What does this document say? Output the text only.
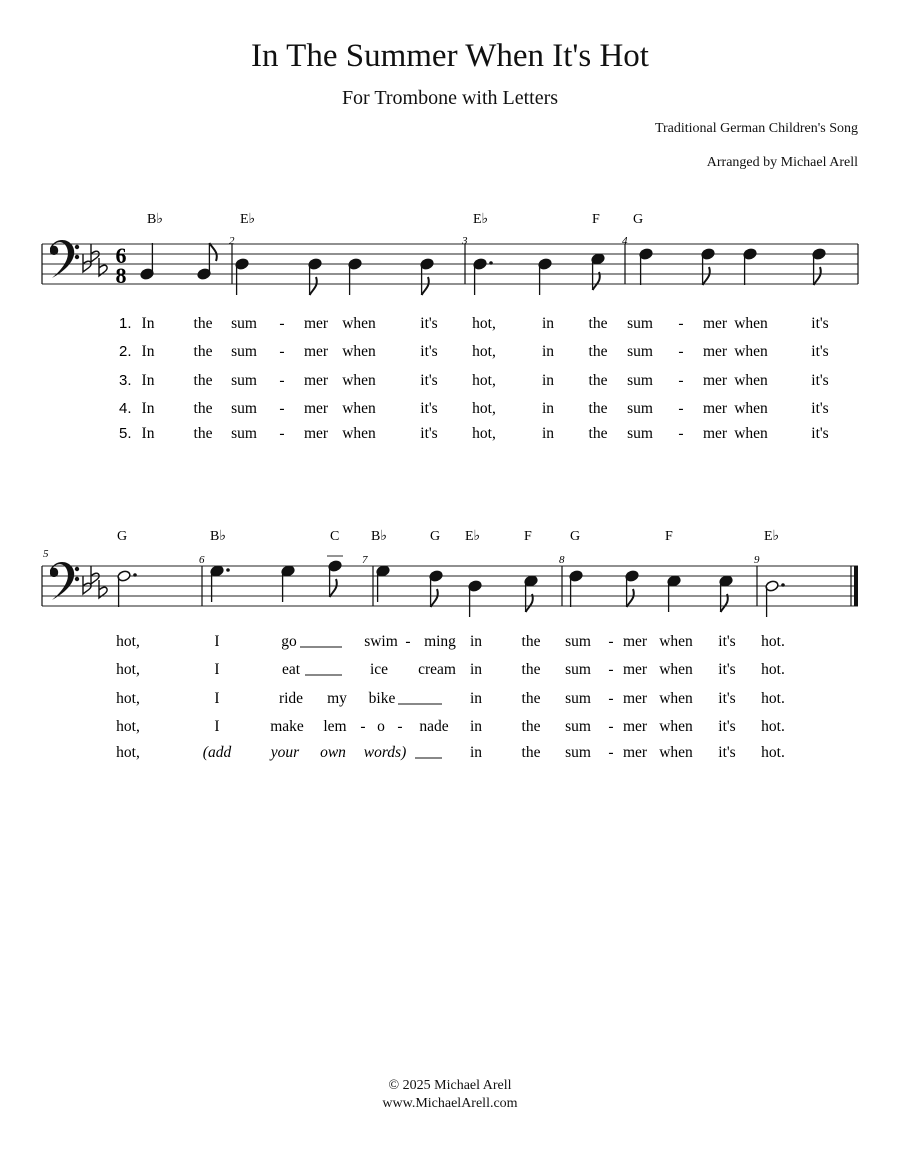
In The Summer When It's Hot
For Trombone with Letters
Traditional German Children's Song
Arranged by Michael Arell
6
8
B♭	E♭	E♭	F G
G	B♭	C B♭	G E♭	F	G	F	E♭
2	3	4
5	6	7	8	9
1. In	the sum - mer when	it's hot,	in the sum - mer when	it's
2. In	the sum - mer when	it's hot,	in the sum - mer when	it's
3. In	the sum - mer when	it's hot,	in the sum - mer when	it's
4. In	the sum - mer when	it's hot,	in the sum - mer when	it's
5. In	the sum - mer when	it's hot,	in the sum - mer when	it's
hot,	I	go	swim - ming in	the sum - mer when it's hot.
hot,	I	eat	ice cream in	the sum - mer when it's hot.
hot,	I	ride my bike	in	the sum - mer when it's hot.
hot,	I	make lem - o - nade in	the sum - mer when it's hot.
hot,	(add	your own words)	in	the sum - mer when it's hot.
© 2025 Michael Arell
www.MichaelArell.com
